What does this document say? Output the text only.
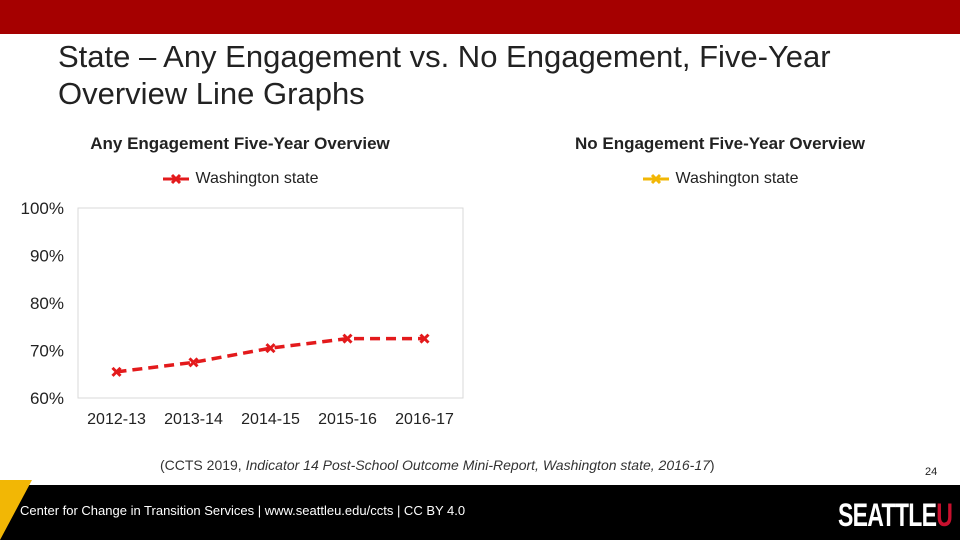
State – Any Engagement vs. No Engagement, Five-Year Overview Line Graphs
60%
70%
80%
90%
100%
2012-13 2013-14 2014-15 2015-16 2016-17
Any Engagement Five-Year Overview
Washington state
No Engagement Five-Year Overview
Washington state
(CCTS 2019, Indicator 14 Post-School Outcome Mini-Report, Washington state, 2016-17)	24
Center for Change in Transition Services | www.seattleu.edu/ccts | CC BY 4.0	SEATTLEU
